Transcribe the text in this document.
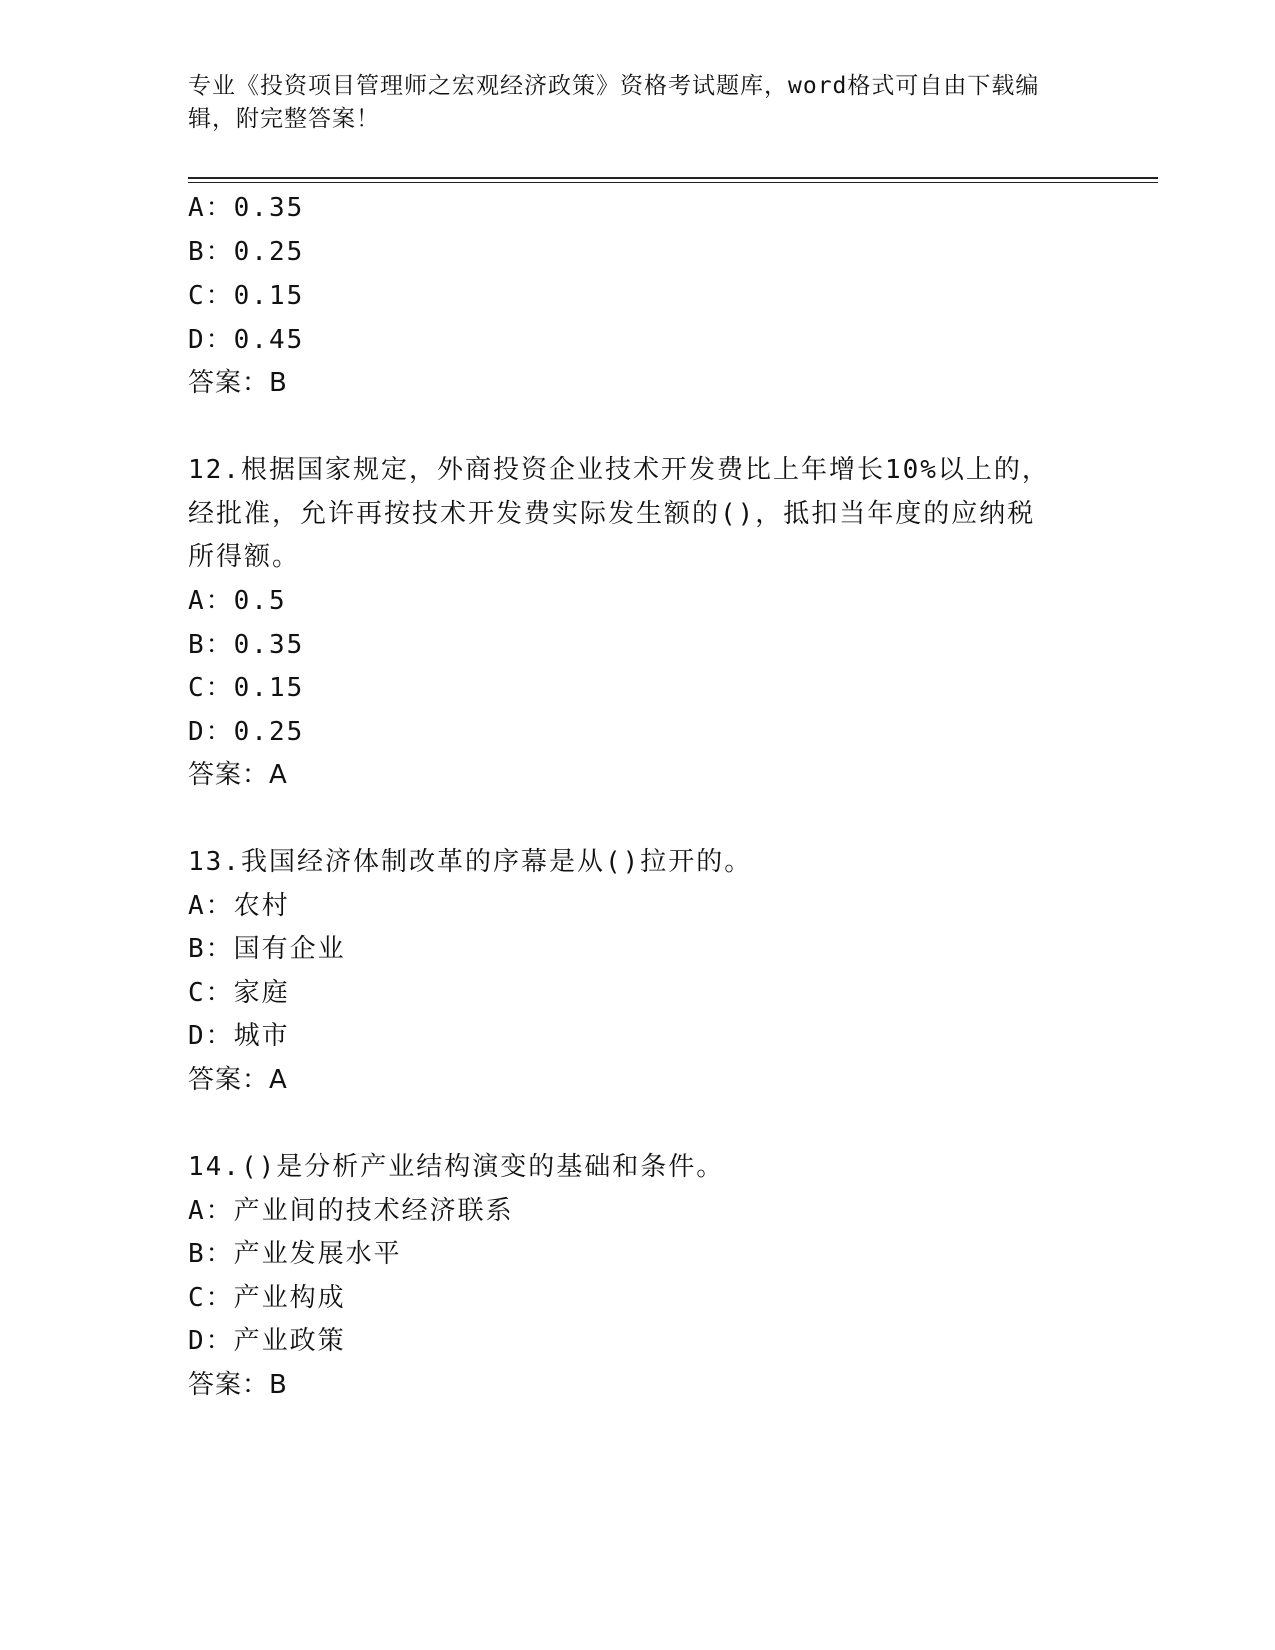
专业《投资项目管理师之宏观经济政策》资格考试题库，word格式可自由下载编
辑，附完整答案！
A：0.35
B：0.25
C：0.15
D：0.45
答案：B
12.根据国家规定，外商投资企业技术开发费比上年增长10%以上的，
经批准，允许再按技术开发费实际发生额的()，抵扣当年度的应纳税
所得额。
A：0.5
B：0.35
C：0.15
D：0.25
答案：A
13.我国经济体制改革的序幕是从()拉开的。
A：农村
B：国有企业
C：家庭
D：城市
答案：A
14.()是分析产业结构演变的基础和条件。
A：产业间的技术经济联系
B：产业发展水平
C：产业构成
D：产业政策
答案：B
